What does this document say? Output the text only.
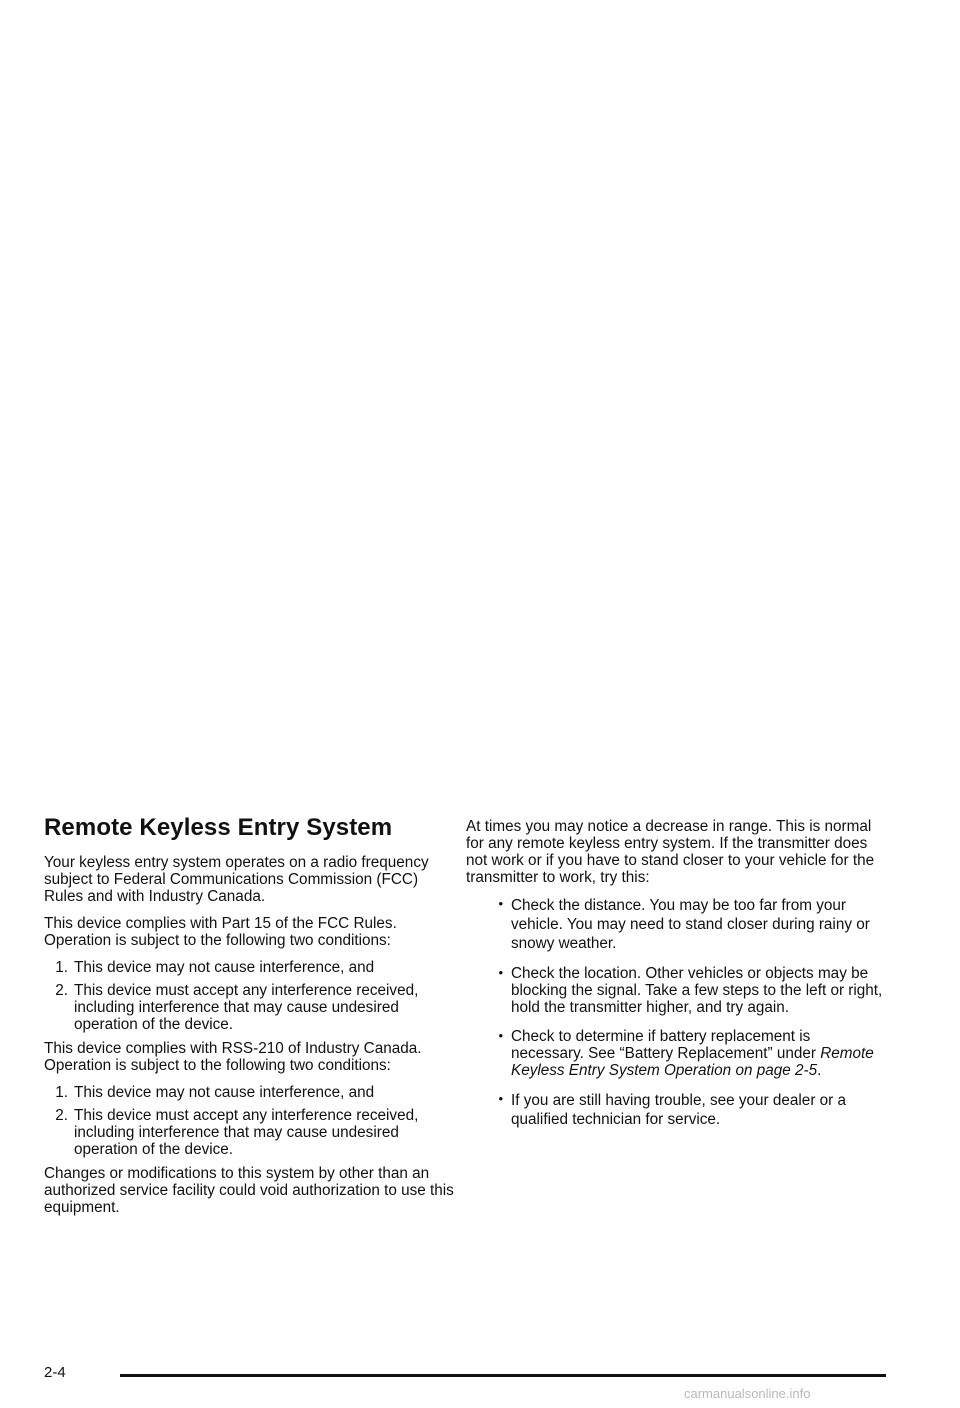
Remote Keyless Entry System

Your keyless entry system operates on a radio frequency subject to Federal Communications Commission (FCC) Rules and with Industry Canada.

This device complies with Part 15 of the FCC Rules. Operation is subject to the following two conditions:

1. This device may not cause interference, and
2. This device must accept any interference received, including interference that may cause undesired operation of the device.

This device complies with RSS-210 of Industry Canada. Operation is subject to the following two conditions:

1. This device may not cause interference, and
2. This device must accept any interference received, including interference that may cause undesired operation of the device.

Changes or modifications to this system by other than an authorized service facility could void authorization to use this equipment.

At times you may notice a decrease in range. This is normal for any remote keyless entry system. If the transmitter does not work or if you have to stand closer to your vehicle for the transmitter to work, try this:

• Check the distance. You may be too far from your vehicle. You may need to stand closer during rainy or snowy weather.
• Check the location. Other vehicles or objects may be blocking the signal. Take a few steps to the left or right, hold the transmitter higher, and try again.
• Check to determine if battery replacement is necessary. See “Battery Replacement” under Remote Keyless Entry System Operation on page 2-5.
• If you are still having trouble, see your dealer or a qualified technician for service.
2-4
carmanualsonline.info
